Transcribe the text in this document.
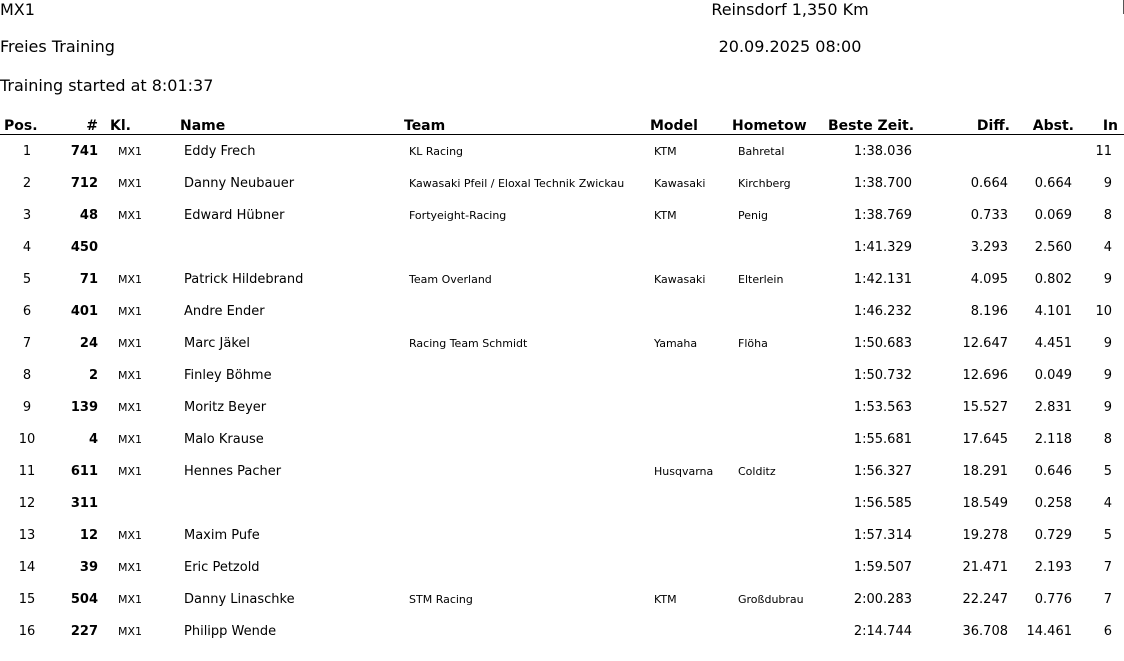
MX1	Reinsdorf 1,350 Km
Freies Training	20.09.2025 08:00
Training started at 8:01:37
Pos.	#	Kl.	Name	Team	Model	Hometow	Beste Zeit.	Diff.	Abst.	In
1	741	MX1	Eddy Frech	KL Racing	KTM	Bahretal	1:38.036			11
2	712	MX1	Danny Neubauer	Kawasaki Pfeil / Eloxal Technik Zwickau	Kawasaki	Kirchberg	1:38.700	0.664	0.664	9
3	48	MX1	Edward Hübner	Fortyeight-Racing	KTM	Penig	1:38.769	0.733	0.069	8
4	450						1:41.329	3.293	2.560	4
5	71	MX1	Patrick Hildebrand	Team Overland	Kawasaki	Elterlein	1:42.131	4.095	0.802	9
6	401	MX1	Andre Ender				1:46.232	8.196	4.101	10
7	24	MX1	Marc Jäkel	Racing Team Schmidt	Yamaha	Flöha	1:50.683	12.647	4.451	9
8	2	MX1	Finley Böhme				1:50.732	12.696	0.049	9
9	139	MX1	Moritz Beyer				1:53.563	15.527	2.831	9
10	4	MX1	Malo Krause				1:55.681	17.645	2.118	8
11	611	MX1	Hennes Pacher		Husqvarna	Colditz	1:56.327	18.291	0.646	5
12	311						1:56.585	18.549	0.258	4
13	12	MX1	Maxim Pufe				1:57.314	19.278	0.729	5
14	39	MX1	Eric Petzold				1:59.507	21.471	2.193	7
15	504	MX1	Danny Linaschke	STM Racing	KTM	Großdubrau	2:00.283	22.247	0.776	7
16	227	MX1	Philipp Wende				2:14.744	36.708	14.461	6
